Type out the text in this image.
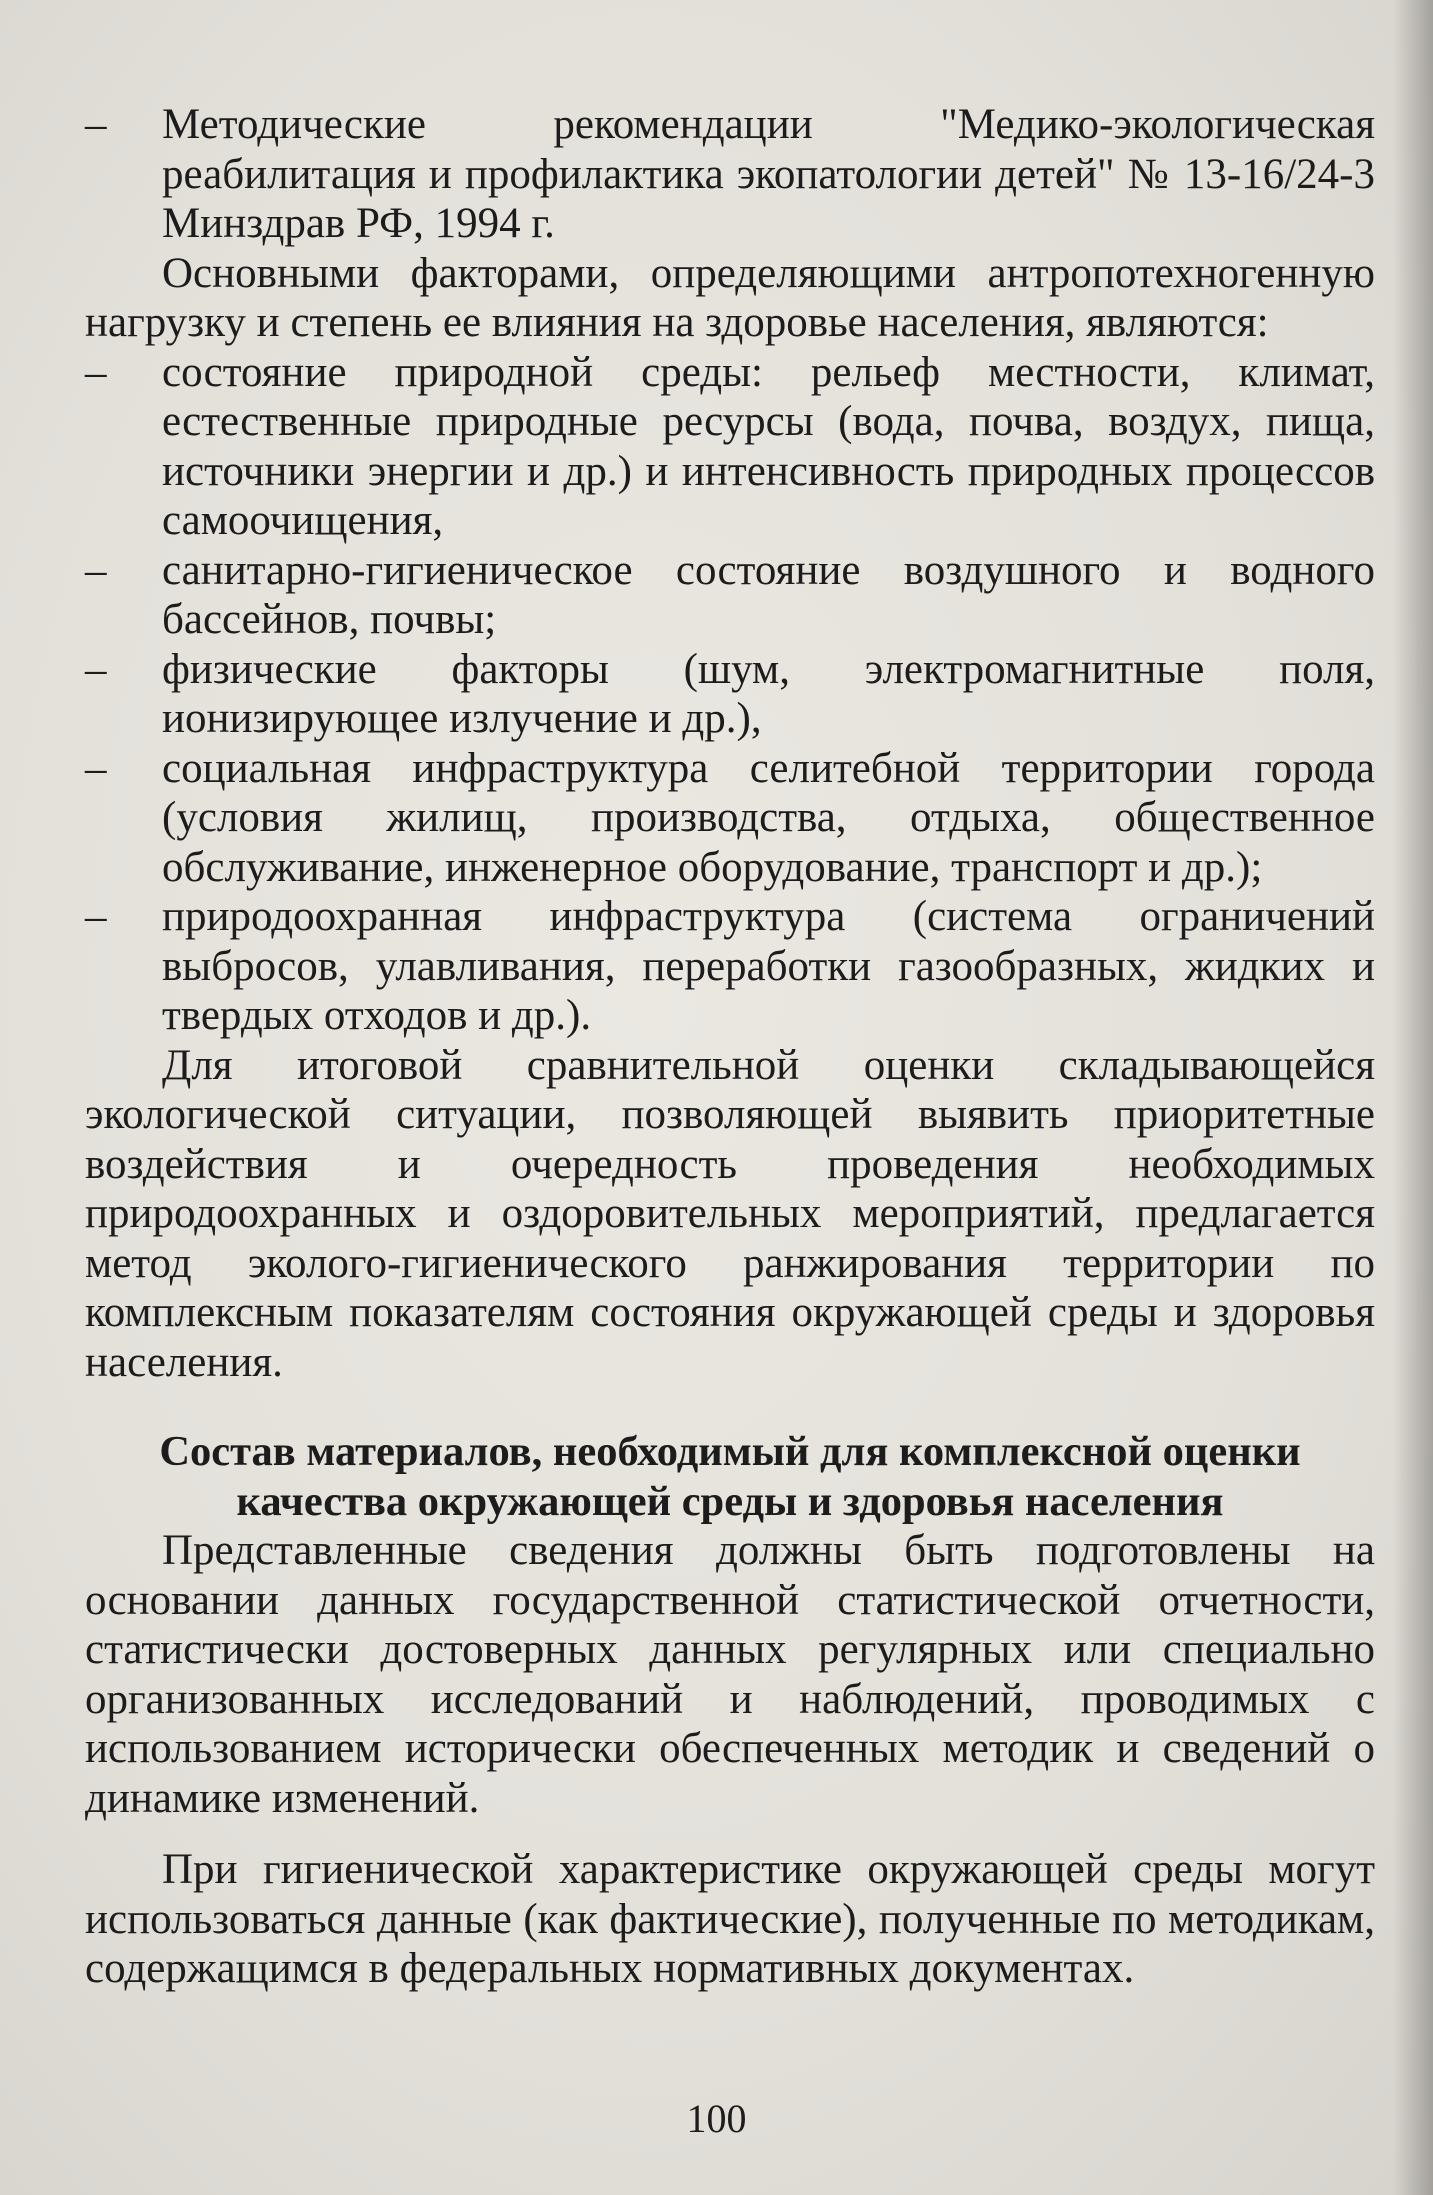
– Методические рекомендации "Медико-экологическая реабилитация и профилактика экопатологии детей" № 13-16/24-3 Минздрав РФ, 1994 г.
Основными факторами, определяющими антропотехногенную нагрузку и степень ее влияния на здоровье населения, являются:
– состояние природной среды: рельеф местности, климат, естественные природные ресурсы (вода, почва, воздух, пища, источники энергии и др.) и интенсивность природных процессов самоочищения,
– санитарно-гигиеническое состояние воздушного и водного бассейнов, почвы;
– физические факторы (шум, электромагнитные поля, ионизирующее излучение и др.),
– социальная инфраструктура селитебной территории города (условия жилищ, производства, отдыха, общественное обслуживание, инженерное оборудование, транспорт и др.);
– природоохранная инфраструктура (система ограничений выбросов, улавливания, переработки газообразных, жидких и твердых отходов и др.).
Для итоговой сравнительной оценки складывающейся экологической ситуации, позволяющей выявить приоритетные воздействия и очередность проведения необходимых природоохранных и оздоровительных мероприятий, предлагается метод эколого-гигиенического ранжирования территории по комплексным показателям состояния окружающей среды и здоровья населения.
Состав материалов, необходимый для комплексной оценки качества окружающей среды и здоровья населения
Представленные сведения должны быть подготовлены на основании данных государственной статистической отчетности, статистически достоверных данных регулярных или специально организованных исследований и наблюдений, проводимых с использованием исторически обеспеченных методик и сведений о динамике изменений.
При гигиенической характеристике окружающей среды могут использоваться данные (как фактические), полученные по методикам, содержащимся в федеральных нормативных документах.
100
